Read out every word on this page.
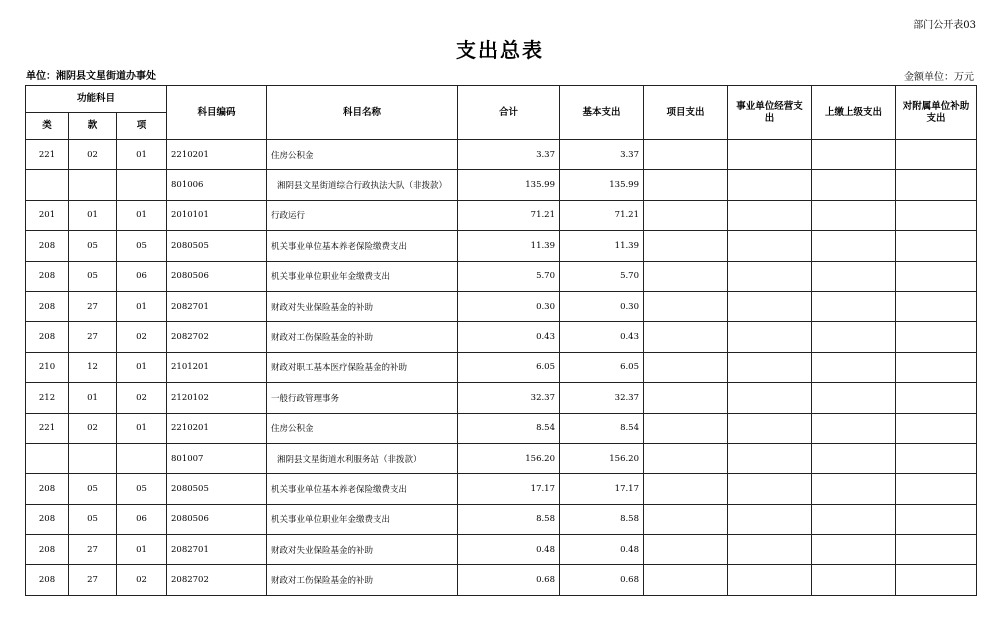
部门公开表03
支出总表
单位：湘阴县文星街道办事处	金额单位：万元
功能科目			科目编码	科目名称	合计	基本支出	项目支出	事业单位经营支出	上缴上级支出	对附属单位补助支出
类	款	项								
221	02	01	2210201	住房公积金	3.37	3.37				
			801006	湘阴县文星街道综合行政执法大队（非拨款）	135.99	135.99				
201	01	01	2010101	行政运行	71.21	71.21				
208	05	05	2080505	机关事业单位基本养老保险缴费支出	11.39	11.39				
208	05	06	2080506	机关事业单位职业年金缴费支出	5.70	5.70				
208	27	01	2082701	财政对失业保险基金的补助	0.30	0.30				
208	27	02	2082702	财政对工伤保险基金的补助	0.43	0.43				
210	12	01	2101201	财政对职工基本医疗保险基金的补助	6.05	6.05				
212	01	02	2120102	一般行政管理事务	32.37	32.37				
221	02	01	2210201	住房公积金	8.54	8.54				
			801007	湘阴县文星街道水利服务站（非拨款）	156.20	156.20				
208	05	05	2080505	机关事业单位基本养老保险缴费支出	17.17	17.17				
208	05	06	2080506	机关事业单位职业年金缴费支出	8.58	8.58				
208	27	01	2082701	财政对失业保险基金的补助	0.48	0.48				
208	27	02	2082702	财政对工伤保险基金的补助	0.68	0.68				
